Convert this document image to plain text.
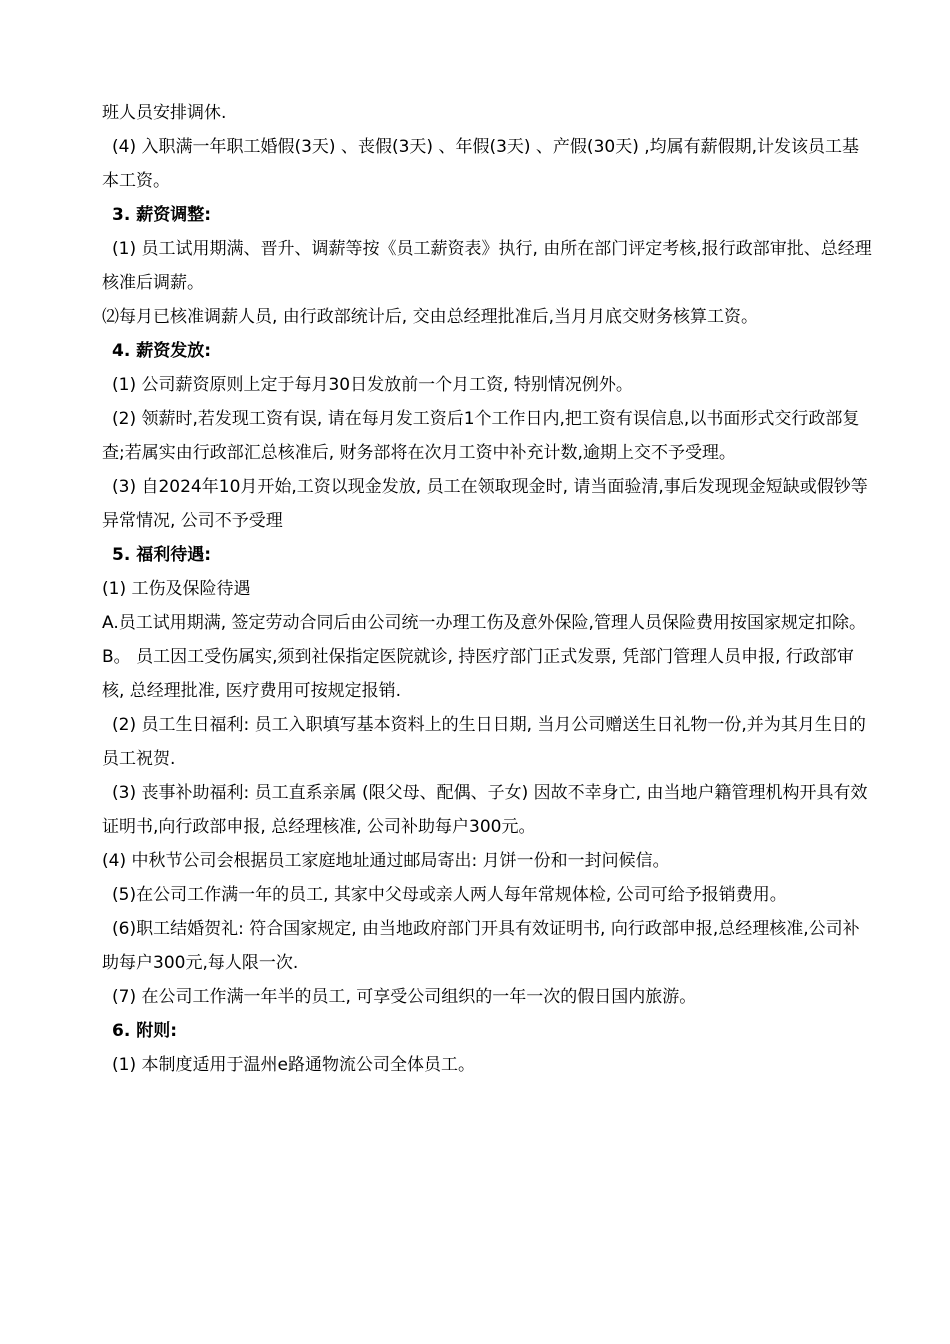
班人员安排调休.

(4) 入职满一年职工婚假(3天) 、丧假(3天) 、年假(3天) 、产假(30天) ,均属有薪假期,计发该员工基本工资。

3. 薪资调整:

(1) 员工试用期满、晋升、调薪等按《员工薪资表》执行, 由所在部门评定考核,报行政部审批、总经理核准后调薪。

⑵每月已核准调薪人员, 由行政部统计后, 交由总经理批准后,当月月底交财务核算工资。

4. 薪资发放:

(1) 公司薪资原则上定于每月30日发放前一个月工资, 特别情况例外。

(2) 领薪时,若发现工资有误, 请在每月发工资后1个工作日内,把工资有误信息,以书面形式交行政部复查;若属实由行政部汇总核准后, 财务部将在次月工资中补充计数,逾期上交不予受理。

(3) 自2024年10月开始,工资以现金发放, 员工在领取现金时, 请当面验清,事后发现现金短缺或假钞等异常情况, 公司不予受理

5. 福利待遇:

(1) 工伤及保险待遇

A.员工试用期满, 签定劳动合同后由公司统一办理工伤及意外保险,管理人员保险费用按国家规定扣除。

B。 员工因工受伤属实,须到社保指定医院就诊, 持医疗部门正式发票, 凭部门管理人员申报, 行政部审核, 总经理批准, 医疗费用可按规定报销.

(2) 员工生日福利: 员工入职填写基本资料上的生日日期, 当月公司赠送生日礼物一份,并为其月生日的员工祝贺.

(3) 丧事补助福利: 员工直系亲属 (限父母、配偶、子女) 因故不幸身亡, 由当地户籍管理机构开具有效证明书,向行政部申报, 总经理核准, 公司补助每户300元。

(4) 中秋节公司会根据员工家庭地址通过邮局寄出: 月饼一份和一封问候信。

(5)在公司工作满一年的员工, 其家中父母或亲人两人每年常规体检, 公司可给予报销费用。

(6)职工结婚贺礼: 符合国家规定, 由当地政府部门开具有效证明书, 向行政部申报,总经理核准,公司补助每户300元,每人限一次.

(7) 在公司工作满一年半的员工, 可享受公司组织的一年一次的假日国内旅游。

6. 附则:

(1) 本制度适用于温州e路通物流公司全体员工。
